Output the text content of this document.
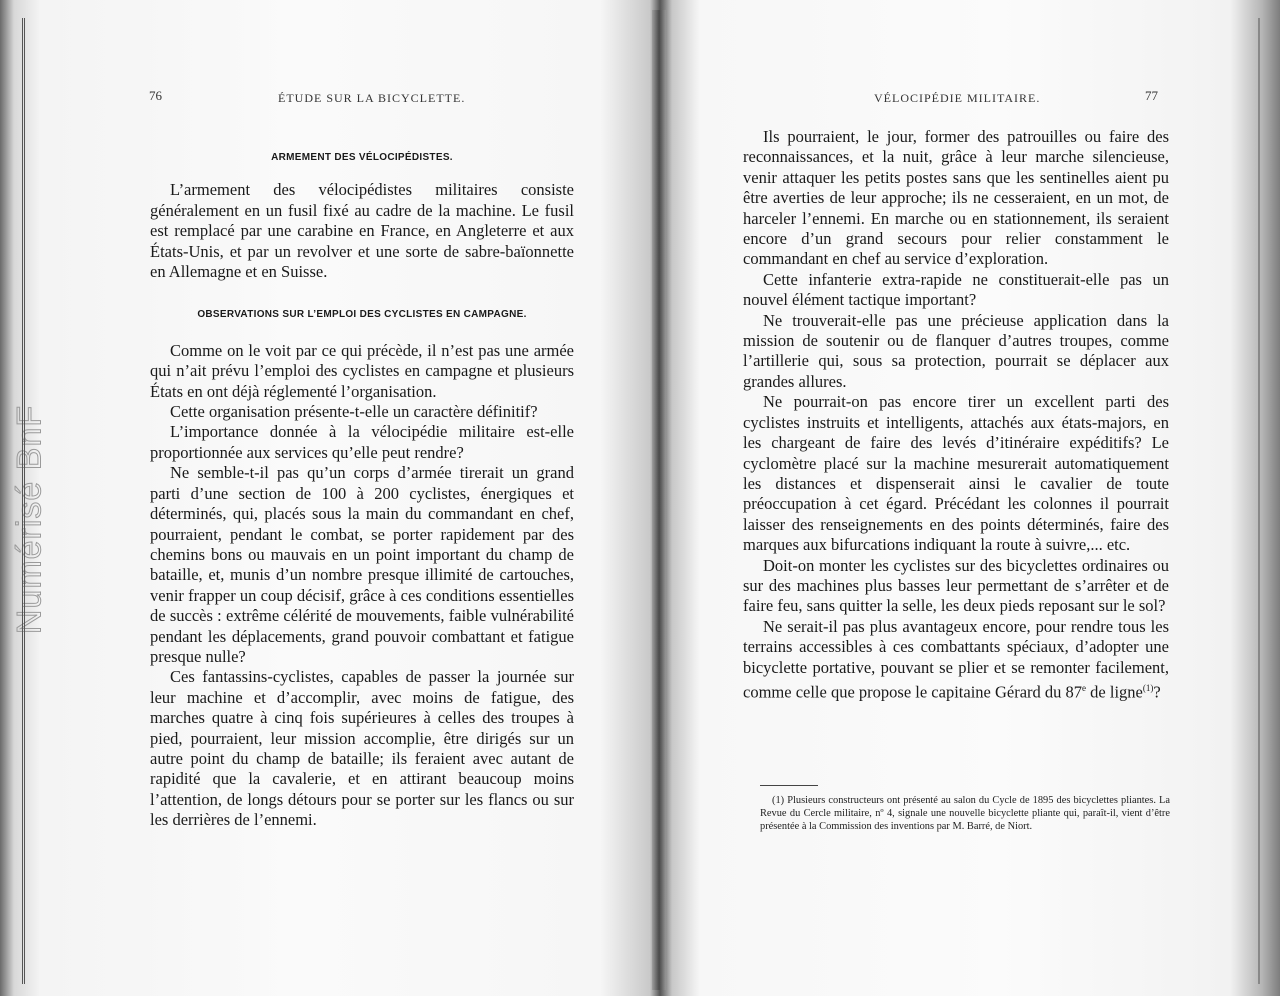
Numérisé BnF
76	ÉTUDE SUR LA BICYCLETTE.
ARMEMENT DES VÉLOCIPÉDISTES.

L’armement des vélocipédistes militaires consiste généralement en un fusil fixé au cadre de la machine. Le fusil est remplacé par une carabine en France, en Angleterre et aux États-Unis, et par un revolver et une sorte de sabre-baïonnette en Allemagne et en Suisse.

OBSERVATIONS SUR L’EMPLOI DES CYCLISTES EN CAMPAGNE.

Comme on le voit par ce qui précède, il n’est pas une armée qui n’ait prévu l’emploi des cyclistes en campagne et plusieurs États en ont déjà réglementé l’organisation.

Cette organisation présente-t-elle un caractère définitif?

L’importance donnée à la vélocipédie militaire est-elle proportionnée aux services qu’elle peut rendre?

Ne semble-t-il pas qu’un corps d’armée tirerait un grand parti d’une section de 100 à 200 cyclistes, énergiques et déterminés, qui, placés sous la main du commandant en chef, pourraient, pendant le combat, se porter rapidement par des chemins bons ou mauvais en un point important du champ de bataille, et, munis d’un nombre presque illimité de cartouches, venir frapper un coup décisif, grâce à ces conditions essentielles de succès : extrême célérité de mouvements, faible vulnérabilité pendant les déplacements, grand pouvoir combattant et fatigue presque nulle?

Ces fantassins-cyclistes, capables de passer la journée sur leur machine et d’accomplir, avec moins de fatigue, des marches quatre à cinq fois supérieures à celles des troupes à pied, pourraient, leur mission accomplie, être dirigés sur un autre point du champ de bataille; ils feraient avec autant de rapidité que la cavalerie, et en attirant beaucoup moins l’attention, de longs détours pour se porter sur les flancs ou sur les derrières de l’ennemi.

VÉLOCIPÉDIE MILITAIRE.	77

Ils pourraient, le jour, former des patrouilles ou faire des reconnaissances, et la nuit, grâce à leur marche silencieuse, venir attaquer les petits postes sans que les sentinelles aient pu être averties de leur approche; ils ne cesseraient, en un mot, de harceler l’ennemi. En marche ou en stationnement, ils seraient encore d’un grand secours pour relier constamment le commandant en chef au service d’exploration.

Cette infanterie extra-rapide ne constituerait-elle pas un nouvel élément tactique important?

Ne trouverait-elle pas une précieuse application dans la mission de soutenir ou de flanquer d’autres troupes, comme l’artillerie qui, sous sa protection, pourrait se déplacer aux grandes allures.

Ne pourrait-on pas encore tirer un excellent parti des cyclistes instruits et intelligents, attachés aux états-majors, en les chargeant de faire des levés d’itinéraire expéditifs? Le cyclomètre placé sur la machine mesurerait automatiquement les distances et dispenserait ainsi le cavalier de toute préoccupation à cet égard. Précédant les colonnes il pourrait laisser des renseignements en des points déterminés, faire des marques aux bifurcations indiquant la route à suivre,... etc.

Doit-on monter les cyclistes sur des bicyclettes ordinaires ou sur des machines plus basses leur permettant de s’arrêter et de faire feu, sans quitter la selle, les deux pieds reposant sur le sol?

Ne serait-il pas plus avantageux encore, pour rendre tous les terrains accessibles à ces combattants spéciaux, d’adopter une bicyclette portative, pouvant se plier et se remonter facilement, comme celle que propose le capitaine Gérard du 87e de ligne$^{(1)}$?

(1) Plusieurs constructeurs ont présenté au salon du Cycle de 1895 des bicyclettes pliantes. La Revue du Cercle militaire, nº 4, signale une nouvelle bicyclette pliante qui, paraît-il, vient d’être présentée à la Commission des inventions par M. Barré, de Niort.
